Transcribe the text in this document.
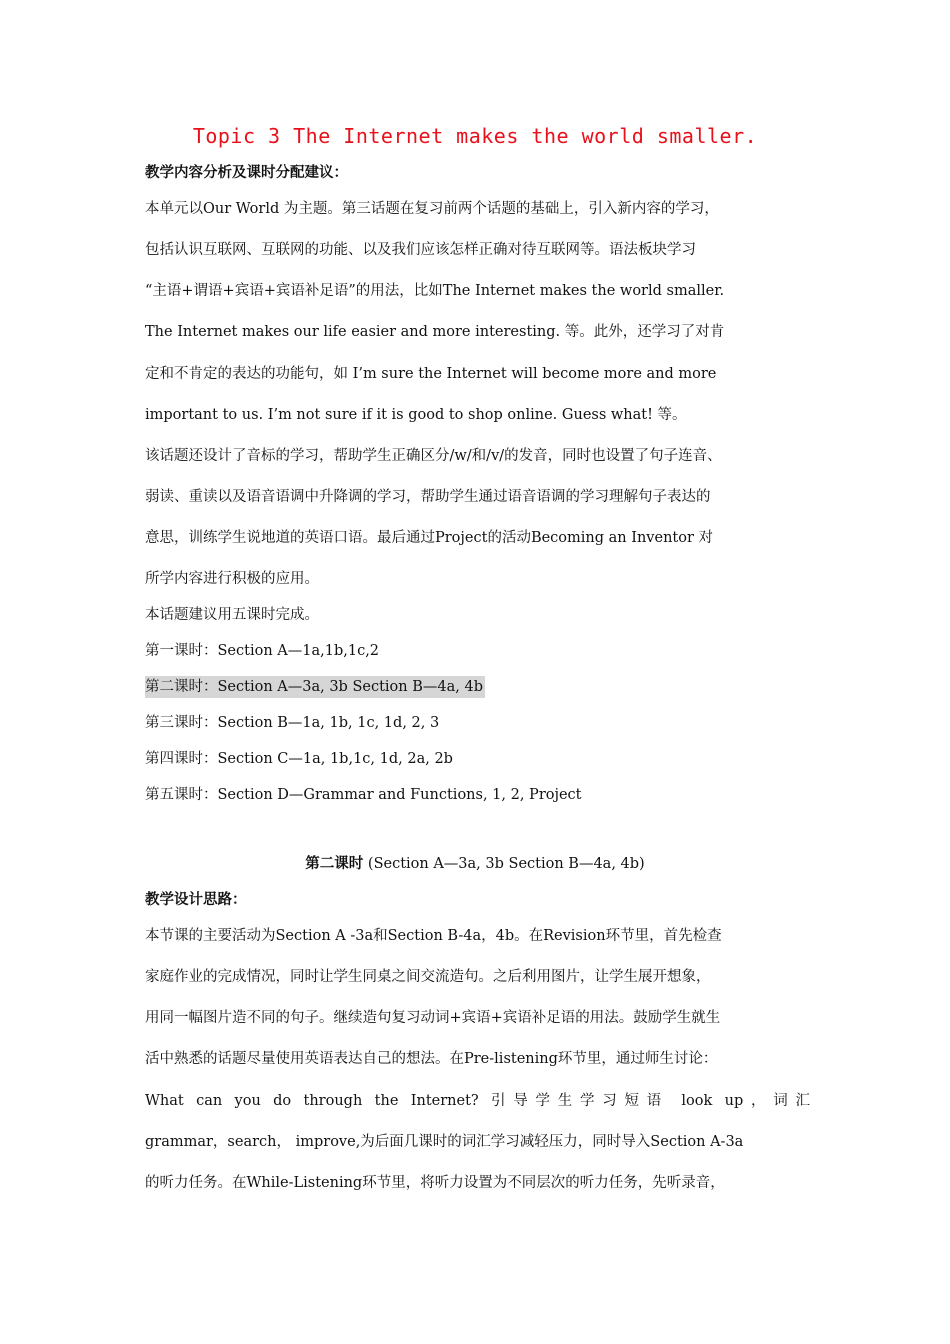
Topic 3 The Internet makes the world smaller.
教学内容分析及课时分配建议：
本单元以Our World 为主题。第三话题在复习前两个话题的基础上，引入新内容的学习，
包括认识互联网、互联网的功能、以及我们应该怎样正确对待互联网等。语法板块学习
“主语+谓语+宾语+宾语补足语”的用法，比如The Internet makes the world smaller.
The Internet makes our life easier and more interesting. 等。此外，还学习了对肯
定和不肯定的表达的功能句，如 I’m sure the Internet will become more and more
important to us. I’m not sure if it is good to shop online. Guess what! 等。
该话题还设计了音标的学习，帮助学生正确区分/w/和/v/的发音，同时也设置了句子连音、
弱读、重读以及语音语调中升降调的学习，帮助学生通过语音语调的学习理解句子表达的
意思，训练学生说地道的英语口语。最后通过Project的活动Becoming an Inventor 对
所学内容进行积极的应用。
本话题建议用五课时完成。
第一课时：Section A—1a,1b,1c,2
第二课时：Section A—3a, 3b Section B—4a, 4b
第三课时：Section B—1a, 1b, 1c, 1d, 2, 3
第四课时：Section C—1a, 1b,1c, 1d, 2a, 2b
第五课时：Section D—Grammar and Functions, 1, 2, Project
第二课时 (Section A—3a, 3b Section B—4a, 4b)
教学设计思路：
本节课的主要活动为Section A -3a和Section B-4a，4b。在Revision环节里，首先检查
家庭作业的完成情况，同时让学生同桌之间交流造句。之后利用图片，让学生展开想象，
用同一幅图片造不同的句子。继续造句复习动词+宾语+宾语补足语的用法。鼓励学生就生
活中熟悉的话题尽量使用英语表达自己的想法。在Pre-listening环节里，通过师生讨论：
What can you do through the Internet? 引导学生学习短语 look up，词汇
grammar，search， improve,为后面几课时的词汇学习减轻压力，同时导入Section A-3a
的听力任务。在While-Listening环节里，将听力设置为不同层次的听力任务，先听录音，
